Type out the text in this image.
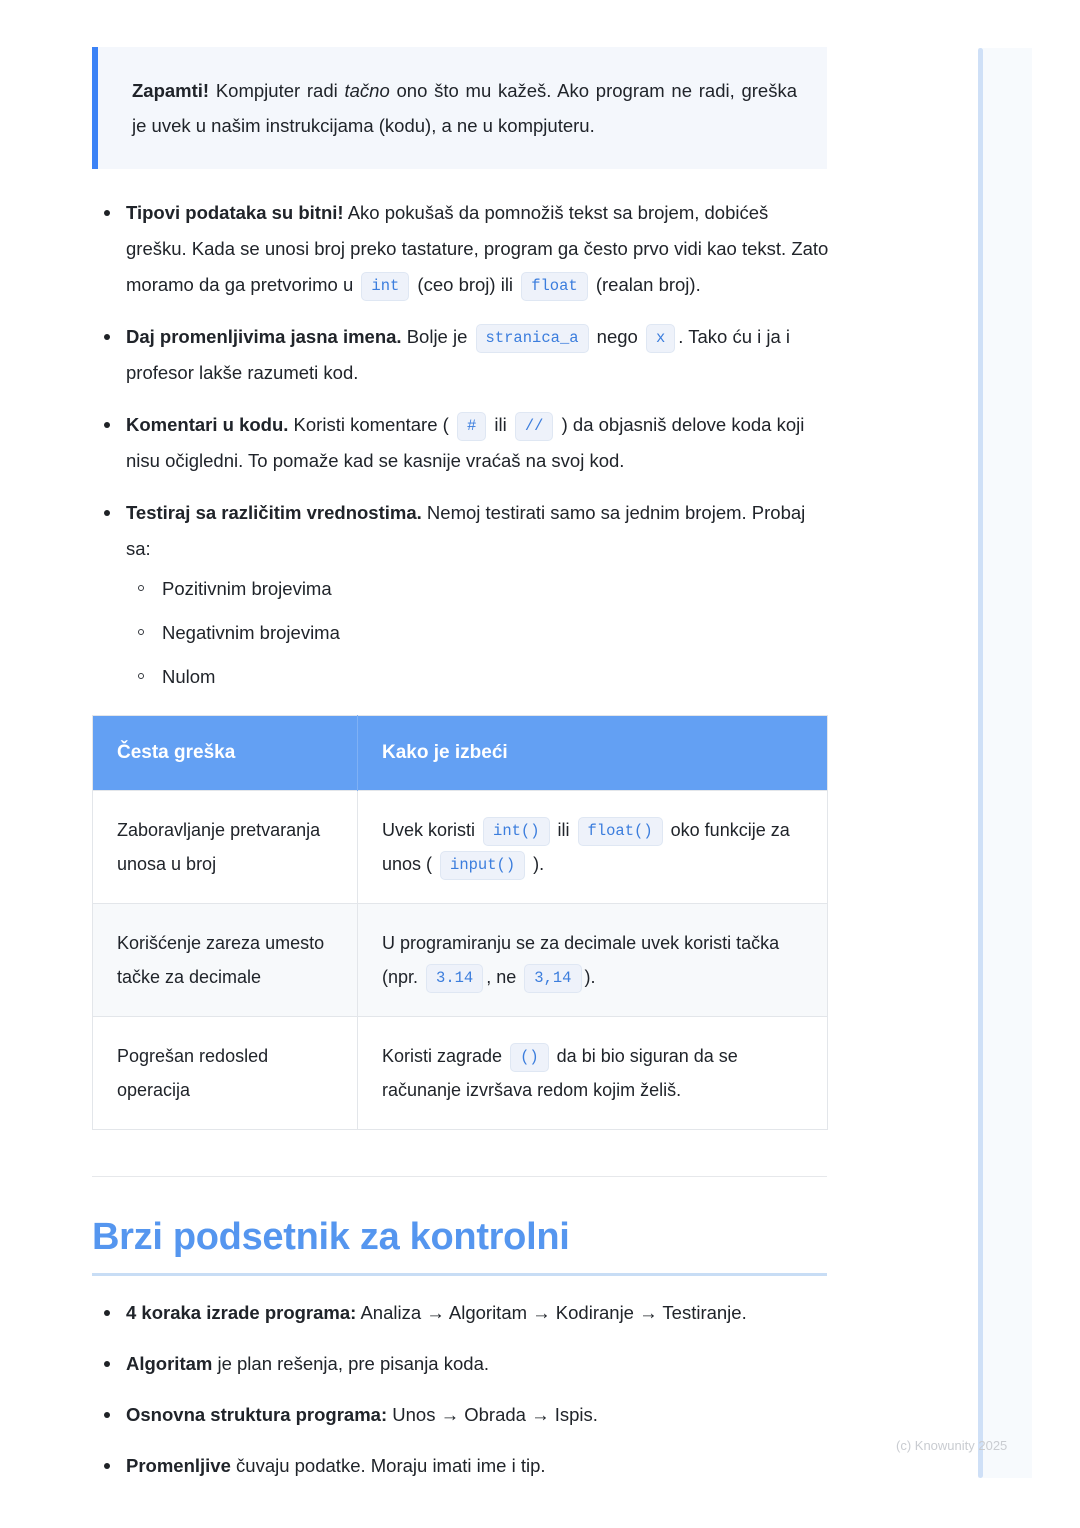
Zapamti! Kompjuter radi tačno ono što mu kažeš. Ako program ne radi, greška je uvek u našim instrukcijama (kodu), a ne u kompjuteru.

Tipovi podataka su bitni! Ako pokušaš da pomnožiš tekst sa brojem, dobićeš grešku. Kada se unosi broj preko tastature, program ga često prvo vidi kao tekst. Zato moramo da ga pretvorimo u int (ceo broj) ili float (realan broj).
Daj promenljivima jasna imena. Bolje je stranica_a nego x . Tako ću i ja i profesor lakše razumeti kod.
Komentari u kodu. Koristi komentare ( # ili // ) da objasniš delove koda koji nisu očigledni. To pomaže kad se kasnije vraćaš na svoj kod.
Testiraj sa različitim vrednostima. Nemoj testirati samo sa jednim brojem. Probaj sa:
Pozitivnim brojevima
Negativnim brojevima
Nulom
Česta greška	Kako je izbeći
Zaboravljanje pretvaranja unosa u broj	Uvek koristi int() ili float() oko funkcije za unos ( input() ).
Korišćenje zareza umesto tačke za decimale	U programiranju se za decimale uvek koristi tačka (npr. 3.14 , ne 3,14 ).
Pogrešan redosled operacija	Koristi zagrade () da bi bio siguran da se računanje izvršava redom kojim želiš.
Brzi podsetnik za kontrolni
4 koraka izrade programa: Analiza → Algoritam → Kodiranje → Testiranje.
Algoritam je plan rešenja, pre pisanja koda.
Osnovna struktura programa: Unos → Obrada → Ispis.
Promenljive čuvaju podatke. Moraju imati ime i tip.
(c) Knowunity 2025
